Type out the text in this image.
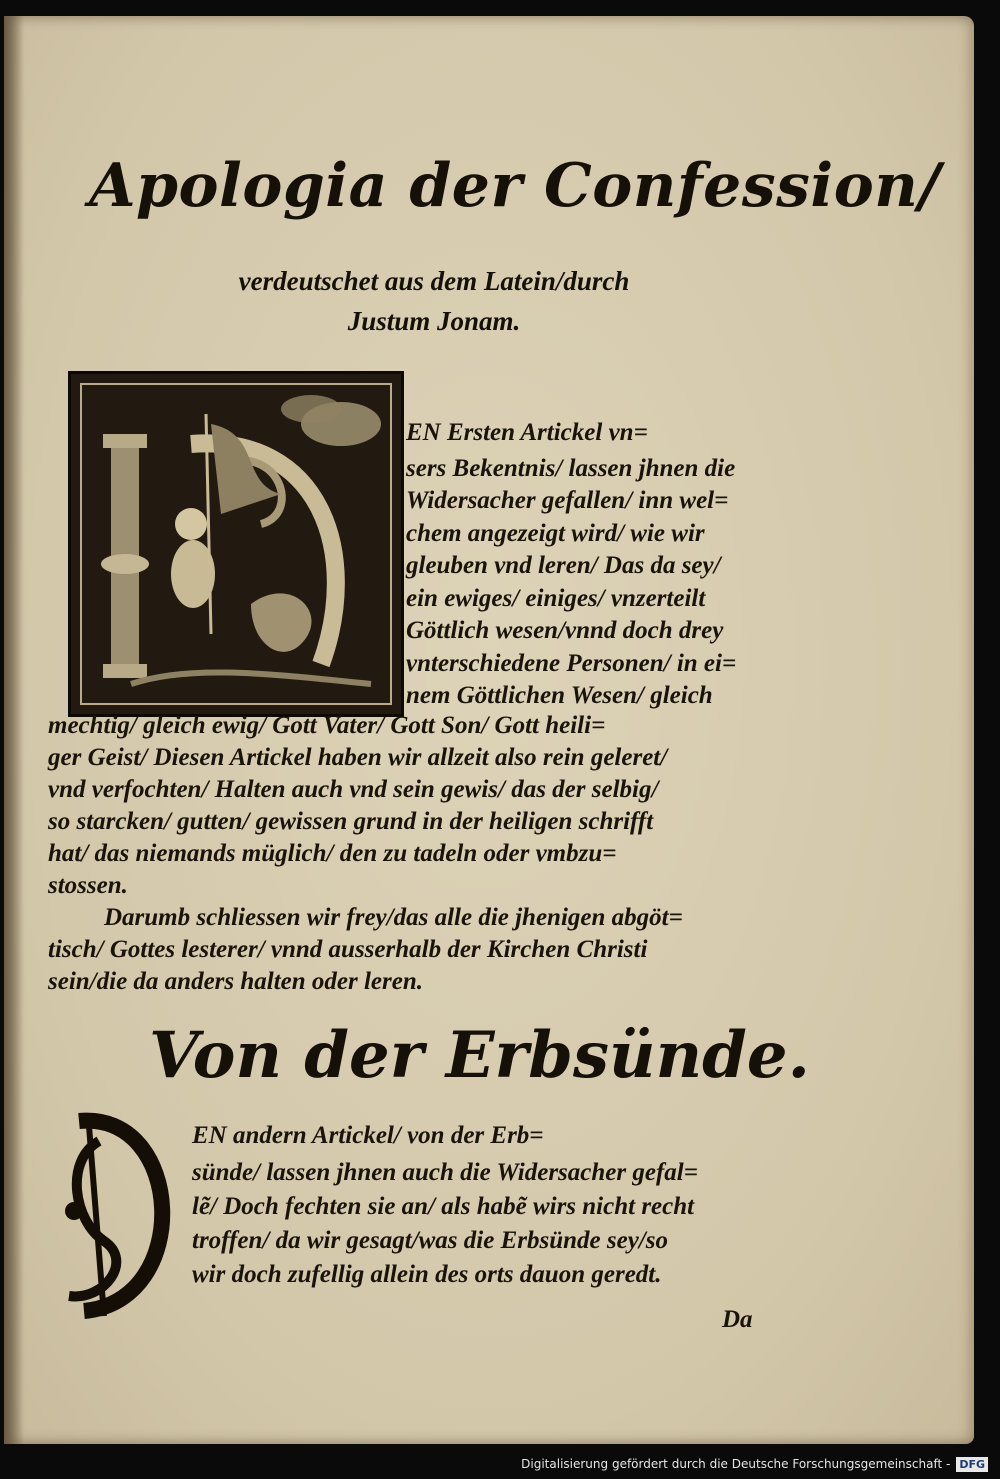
Apologia der Confession/
verdeutschet aus dem Latein/durch
Justum Jonam.
EN Ersten Artickel vn=
sers Bekentnis/ lassen jhnen die
Widersacher gefallen/ inn wel=
chem angezeigt wird/ wie wir
gleuben vnd leren/ Das da sey/
ein ewiges/ einiges/ vnzerteilt
Göttlich wesen/vnnd doch drey
vnterschiedene Personen/ in ei=
nem Göttlichen Wesen/ gleich
mechtig/ gleich ewig/ Gott Vater/ Gott Son/ Gott heili=
ger Geist/ Diesen Artickel haben wir allzeit also rein geleret/
vnd verfochten/ Halten auch vnd sein gewis/ das der selbig/
so starcken/ gutten/ gewissen grund in der heiligen schrifft
hat/ das niemands müglich/ den zu tadeln oder vmbzu=
stossen.
Darumb schliessen wir frey/das alle die jhenigen abgöt=
tisch/ Gottes lesterer/ vnnd ausserhalb der Kirchen Christi
sein/die da anders halten oder leren.
Von der Erbsünde.
EN andern Artickel/ von der Erb=
sünde/ lassen jhnen auch die Widersacher gefal=
lẽ/ Doch fechten sie an/ als habẽ wirs nicht recht
troffen/ da wir gesagt/was die Erbsünde sey/so
wir doch zufellig allein des orts dauon geredt.
Da
Digitalisierung gefördert durch die Deutsche Forschungsgemeinschaft - DFG
